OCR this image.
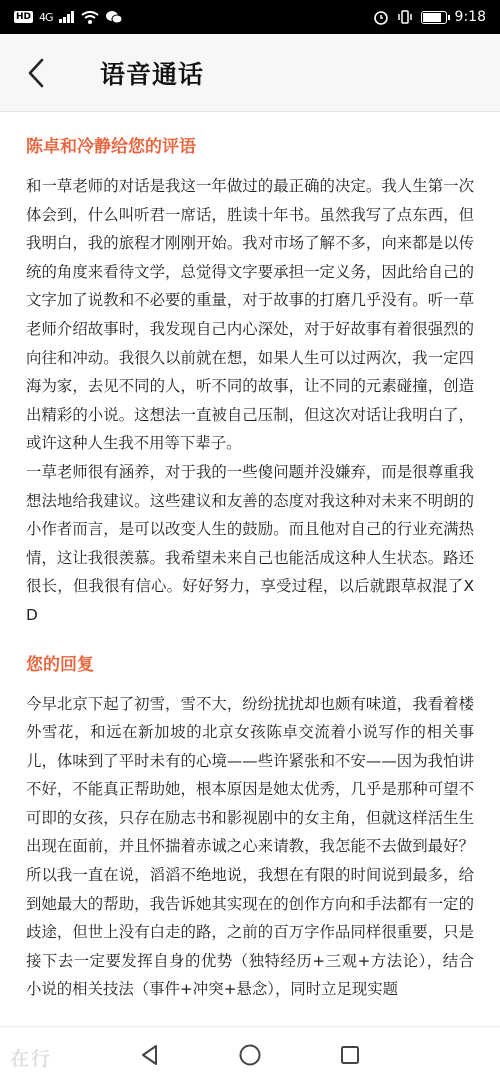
HD 4G	9:18
语音通话
陈卓和冷静给您的评语

和一草老师的对话是我这一年做过的最正确的决定。我人生第一次体会到，什么叫听君一席话，胜读十年书。虽然我写了点东西，但我明白，我的旅程才刚刚开始。我对市场了解不多，向来都是以传统的角度来看待文学，总觉得文字要承担一定义务，因此给自己的文字加了说教和不必要的重量，对于故事的打磨几乎没有。听一草老师介绍故事时，我发现自己内心深处，对于好故事有着很强烈的向往和冲动。我很久以前就在想，如果人生可以过两次，我一定四海为家，去见不同的人，听不同的故事，让不同的元素碰撞，创造出精彩的小说。这想法一直被自己压制，但这次对话让我明白了，或许这种人生我不用等下辈子。

一草老师很有涵养，对于我的一些傻问题并没嫌弃，而是很尊重我想法地给我建议。这些建议和友善的态度对我这种对未来不明朗的小作者而言，是可以改变人生的鼓励。而且他对自己的行业充满热情，这让我很羡慕。我希望未来自己也能活成这种人生状态。路还很长，但我很有信心。好好努力，享受过程，以后就跟草叔混了XD

您的回复

今早北京下起了初雪，雪不大，纷纷扰扰却也颇有味道，我看着楼外雪花，和远在新加坡的北京女孩陈卓交流着小说写作的相关事儿，体味到了平时未有的心境——些许紧张和不安——因为我怕讲不好，不能真正帮助她，根本原因是她太优秀，几乎是那种可望不可即的女孩，只存在励志书和影视剧中的女主角，但就这样活生生出现在面前，并且怀揣着赤诚之心来请教，我怎能不去做到最好？所以我一直在说，滔滔不绝地说，我想在有限的时间说到最多，给到她最大的帮助，我告诉她其实现在的创作方向和手法都有一定的歧途，但世上没有白走的路，之前的百万字作品同样很重要，只是接下去一定要发挥自身的优势（独特经历+三观+方法论），结合小说的相关技法（事件+冲突+悬念），同时立足现实题

在行
